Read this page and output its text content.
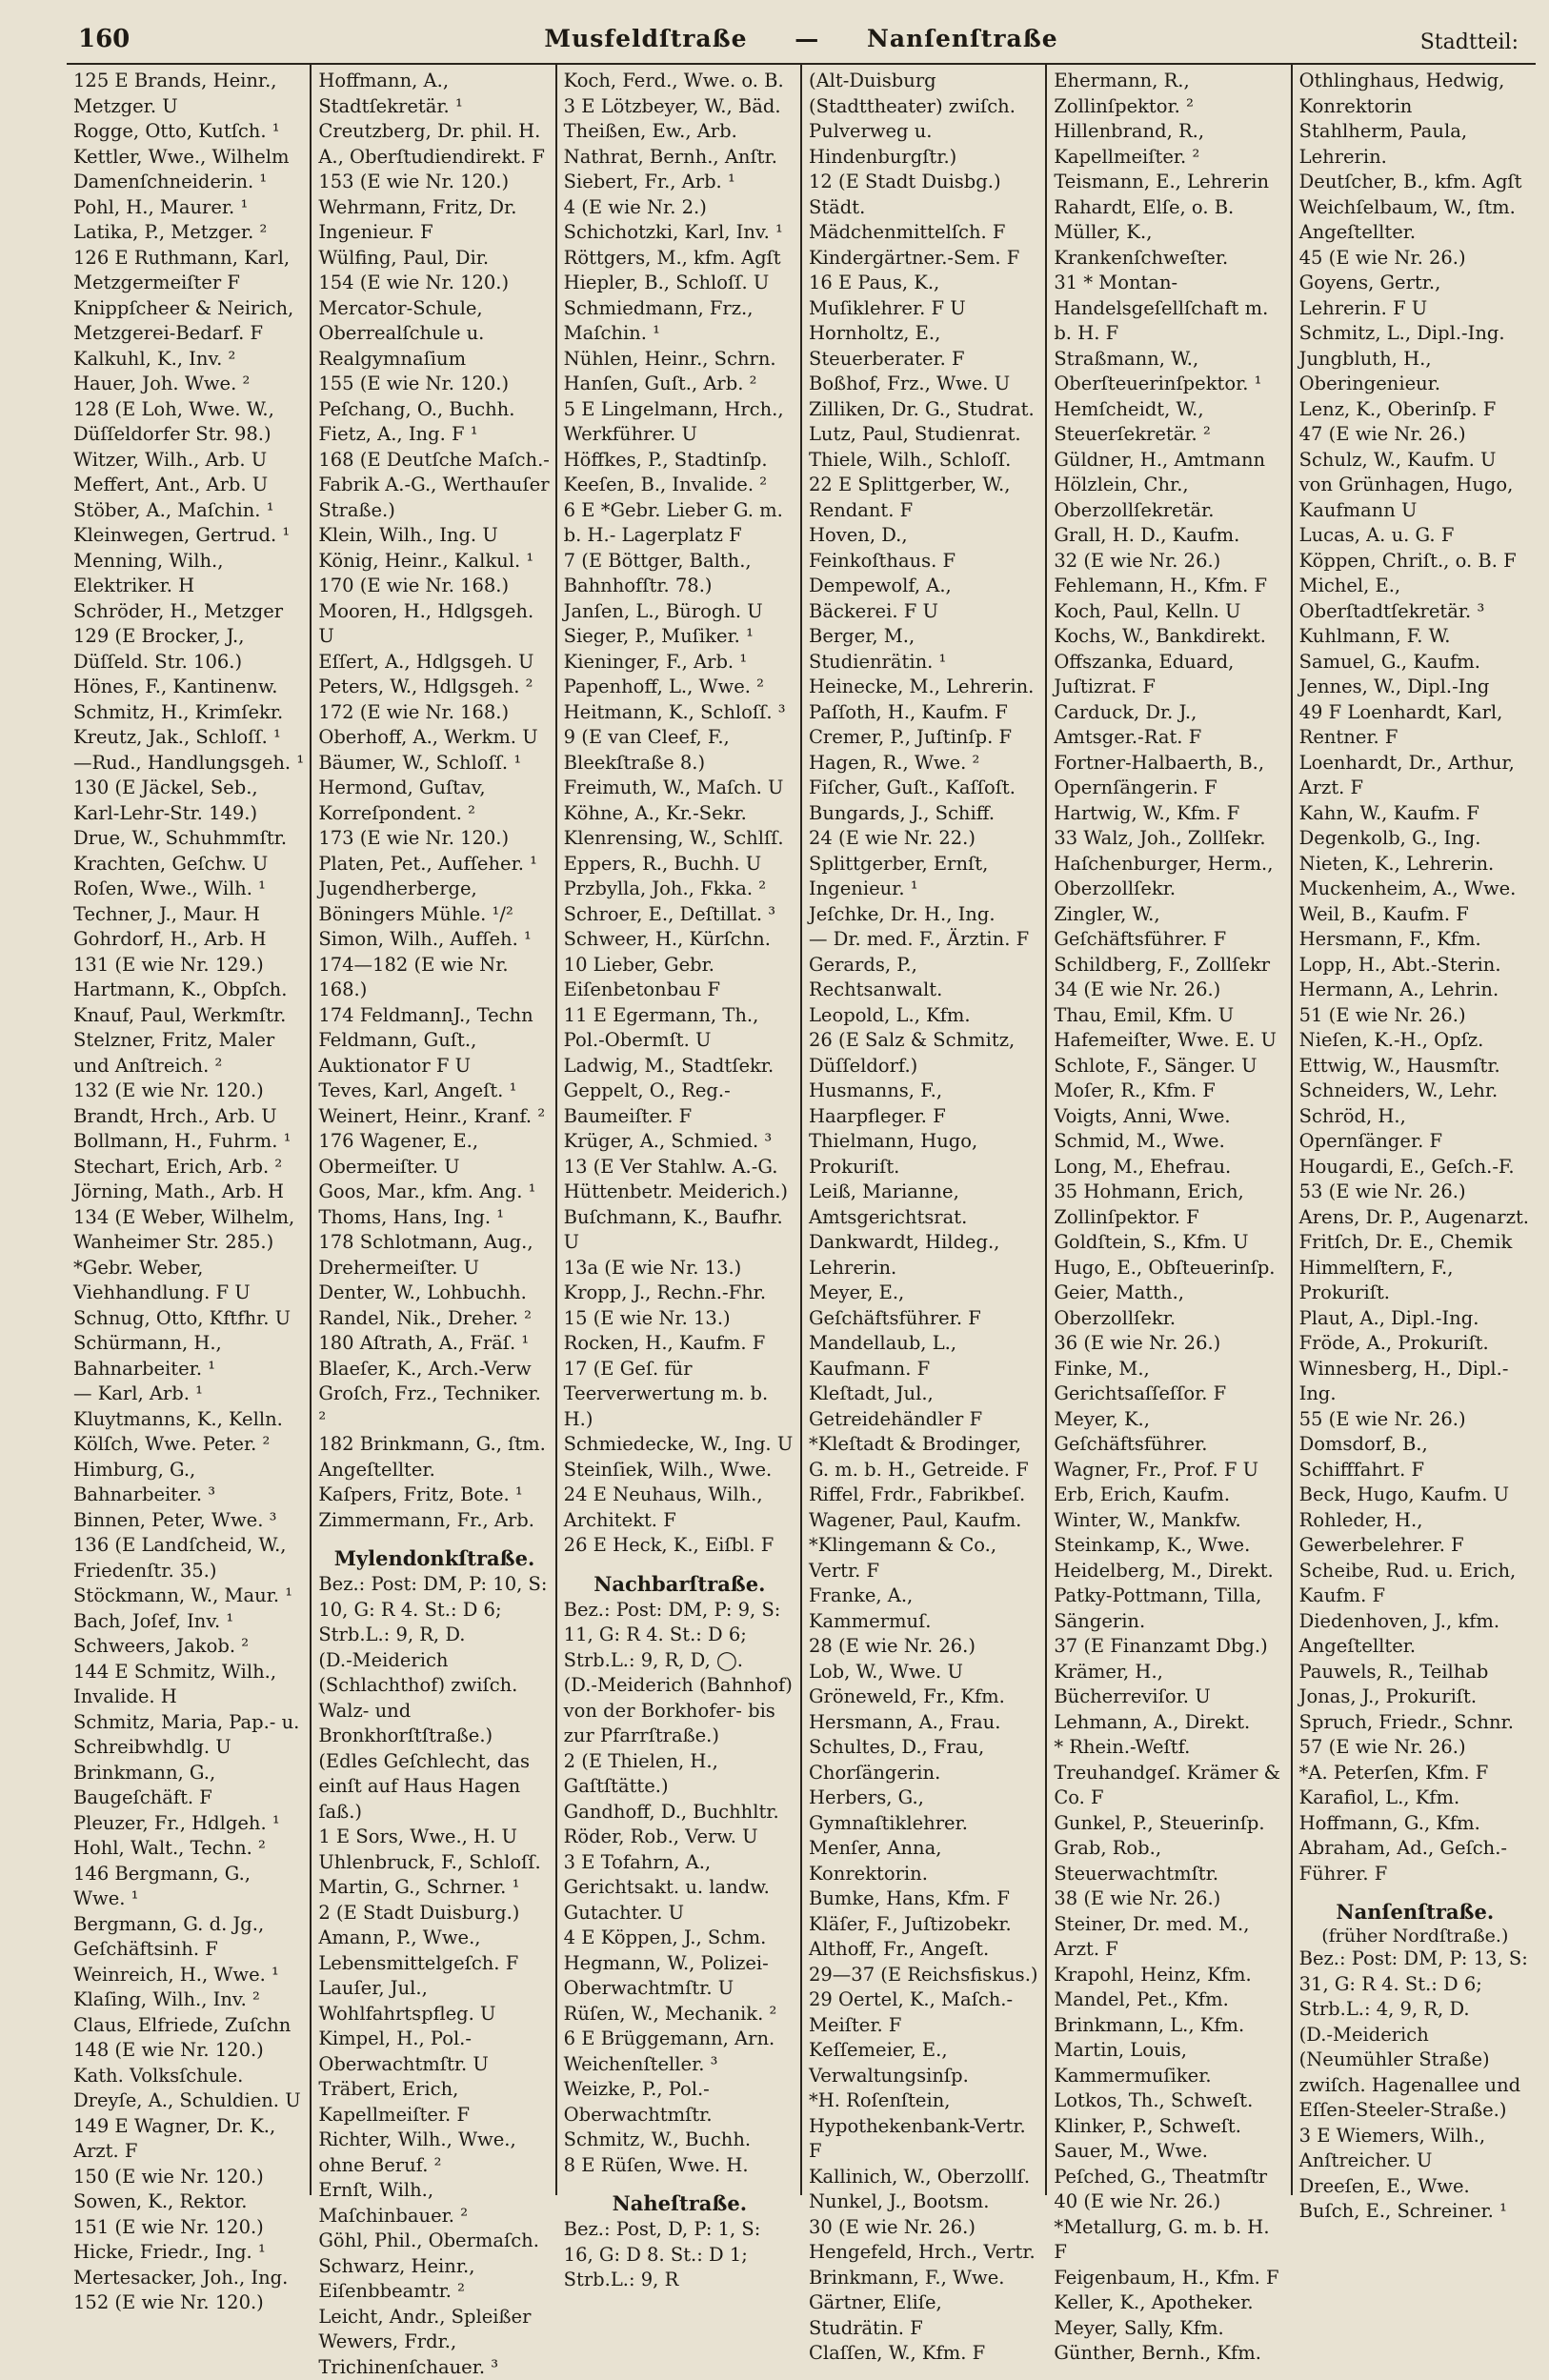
160	Musfeldſtraße — Nanſenſtraße	Stadtteil:
125 E Brands, Heinr., Metzger. U
Rogge, Otto, Kutſch. ¹
Kettler, Wwe., Wilhelm Damenſchneiderin. ¹
Pohl, H., Maurer. ¹
Latika, P., Metzger. ²
126 E Ruthmann, Karl, Metzgermeiſter F
Knippſcheer & Neirich, Metzgerei-Bedarf. F
Kalkuhl, K., Inv. ²
Hauer, Joh. Wwe. ²
128 (E Loh, Wwe. W., Düſſeldorfer Str. 98.)
Witzer, Wilh., Arb. U
Meffert, Ant., Arb. U
Stöber, A., Maſchin. ¹
Kleinwegen, Gertrud. ¹
Menning, Wilh., Elektriker. H
Schröder, H., Metzger
129 (E Brocker, J., Düſſeld. Str. 106.)
Hönes, F., Kantinenw.
Schmitz, H., Krimſekr.
Kreutz, Jak., Schloſſ. ¹
—Rud., Handlungsgeh. ¹
130 (E Jäckel, Seb., Karl-Lehr-Str. 149.)
Drue, W., Schuhmmſtr.
Krachten, Geſchw. U
Roſen, Wwe., Wilh. ¹
Techner, J., Maur. H
Gohrdorf, H., Arb. H
131 (E wie Nr. 129.)
Hartmann, K., Obpſch.
Knauf, Paul, Werkmſtr.
Stelzner, Fritz, Maler und Anſtreich. ²
132 (E wie Nr. 120.)
Brandt, Hrch., Arb. U
Bollmann, H., Fuhrm. ¹
Stechart, Erich, Arb. ²
Jörning, Math., Arb. H
134 (E Weber, Wilhelm, Wanheimer Str. 285.)
*Gebr. Weber, Viehhandlung. F U
Schnug, Otto, Kftfhr. U
Schürmann, H., Bahnarbeiter. ¹
— Karl, Arb. ¹
Kluytmanns, K., Kelln.
Kölſch, Wwe. Peter. ²
Himburg, G., Bahnarbeiter. ³
Binnen, Peter, Wwe. ³
136 (E Landſcheid, W., Friedenſtr. 35.)
Stöckmann, W., Maur. ¹
Bach, Joſef, Inv. ¹
Schweers, Jakob. ²
144 E Schmitz, Wilh., Invalide. H
Schmitz, Maria, Pap.- u. Schreibwhdlg. U
Brinkmann, G., Baugeſchäft. F
Pleuzer, Fr., Hdlgeh. ¹
Hohl, Walt., Techn. ²
146 Bergmann, G., Wwe. ¹
Bergmann, G. d. Jg., Geſchäftsinh. F
Weinreich, H., Wwe. ¹
Klaſing, Wilh., Inv. ²
Claus, Elfriede, Zuſchn
148 (E wie Nr. 120.)
Kath. Volksſchule.
Dreyſe, A., Schuldien. U
149 E Wagner, Dr. K., Arzt. F
150 (E wie Nr. 120.)
Sowen, K., Rektor.
151 (E wie Nr. 120.)
Hicke, Friedr., Ing. ¹
Mertesacker, Joh., Ing.
152 (E wie Nr. 120.)
Hoffmann, A., Stadtſekretär. ¹
Creutzberg, Dr. phil. H. A., Oberſtudiendirekt. F
153 (E wie Nr. 120.)
Wehrmann, Fritz, Dr. Ingenieur. F
Wülfing, Paul, Dir.
154 (E wie Nr. 120.)
Mercator-Schule, Oberrealſchule u. Realgymnaſium
155 (E wie Nr. 120.)
Peſchang, O., Buchh.
Fietz, A., Ing. F ¹
168 (E Deutſche Maſch.-Fabrik A.-G., Werthauſer Straße.)
Klein, Wilh., Ing. U
König, Heinr., Kalkul. ¹
170 (E wie Nr. 168.)
Mooren, H., Hdlgsgeh. U
Eſſert, A., Hdlgsgeh. U
Peters, W., Hdlgsgeh. ²
172 (E wie Nr. 168.)
Oberhoff, A., Werkm. U
Bäumer, W., Schloſſ. ¹
Hermond, Guſtav, Korreſpondent. ²
173 (E wie Nr. 120.)
Platen, Pet., Aufſeher. ¹
Jugendherberge, Böningers Mühle. ¹/²
Simon, Wilh., Aufſeh. ¹
174—182 (E wie Nr. 168.)
174 FeldmannJ., Techn
Feldmann, Guſt., Auktionator F U
Teves, Karl, Angeſt. ¹
Weinert, Heinr., Kranf. ²
176 Wagener, E., Obermeiſter. U
Goos, Mar., kfm. Ang. ¹
Thoms, Hans, Ing. ¹
178 Schlotmann, Aug., Drehermeiſter. U
Denter, W., Lohbuchh.
Randel, Nik., Dreher. ²
180 Aſtrath, A., Fräſ. ¹
Blaeſer, K., Arch.-Verw
Groſch, Frz., Techniker. ²
182 Brinkmann, G., ſtm. Angeſtellter.
Kaſpers, Fritz, Bote. ¹
Zimmermann, Fr., Arb.
Mylendonkſtraße.
Bez.: Post: DM, P: 10, S: 10, G: R 4. St.: D 6; Strb.L.: 9, R, D.
(D.-Meiderich (Schlachthof) zwiſch. Walz- und Bronkhorſtſtraße.)
(Edles Geſchlecht, das einſt auf Haus Hagen ſaß.)
1 E Sors, Wwe., H. U
Uhlenbruck, F., Schloſſ.
Martin, G., Schrner. ¹
2 (E Stadt Duisburg.)
Amann, P., Wwe., Lebensmittelgeſch. F
Lauſer, Jul., Wohlfahrtspfleg. U
Kimpel, H., Pol.-Oberwachtmſtr. U
Träbert, Erich, Kapellmeiſter. F
Richter, Wilh., Wwe., ohne Beruf. ²
Ernſt, Wilh., Maſchinbauer. ²
Göhl, Phil., Obermaſch.
Schwarz, Heinr., Eiſenbbeamtr. ²
Leicht, Andr., Spleißer
Wewers, Frdr., Trichinenſchauer. ³
Koch, Ferd., Wwe. o. B.
3 E Lötzbeyer, W., Bäd.
Theißen, Ew., Arb.
Nathrat, Bernh., Anſtr.
Siebert, Fr., Arb. ¹
4 (E wie Nr. 2.)
Schichotzki, Karl, Inv. ¹
Röttgers, M., kfm. Agſt
Hiepler, B., Schloſſ. U
Schmiedmann, Frz., Maſchin. ¹
Nühlen, Heinr., Schrn.
Hanſen, Guſt., Arb. ²
5 E Lingelmann, Hrch., Werkführer. U
Höffkes, P., Stadtinſp.
Keeſen, B., Invalide. ²
6 E *Gebr. Lieber G. m. b. H.- Lagerplatz F
7 (E Böttger, Balth., Bahnhofſtr. 78.)
Janſen, L., Bürogh. U
Sieger, P., Muſiker. ¹
Kieninger, F., Arb. ¹
Papenhoff, L., Wwe. ²
Heitmann, K., Schloſſ. ³
9 (E van Cleef, F., Bleekſtraße 8.)
Freimuth, W., Maſch. U
Köhne, A., Kr.-Sekr.
Klenrensing, W., Schlſſ.
Eppers, R., Buchh. U
Przbylla, Joh., Fkka. ²
Schroer, E., Deſtillat. ³
Schweer, H., Kürſchn.
10 Lieber, Gebr. Eiſenbetonbau F
11 E Egermann, Th., Pol.-Obermſt. U
Ladwig, M., Stadtſekr.
Geppelt, O., Reg.-Baumeiſter. F
Krüger, A., Schmied. ³
13 (E Ver Stahlw. A.-G. Hüttenbetr. Meiderich.)
Buſchmann, K., Baufhr. U
13a (E wie Nr. 13.)
Kropp, J., Rechn.-Fhr.
15 (E wie Nr. 13.)
Rocken, H., Kaufm. F
17 (E Geſ. für Teerverwertung m. b. H.)
Schmiedecke, W., Ing. U
Steinſiek, Wilh., Wwe.
24 E Neuhaus, Wilh., Architekt. F
26 E Heck, K., Eiſbl. F
Nachbarſtraße.
Bez.: Post: DM, P: 9, S: 11, G: R 4. St.: D 6; Strb.L.: 9, R, D, ◯.
(D.-Meiderich (Bahnhof) von der Borkhofer- bis zur Pfarrſtraße.)
2 (E Thielen, H., Gaſtſtätte.)
Gandhoff, D., Buchhltr.
Röder, Rob., Verw. U
3 E Tofahrn, A., Gerichtsakt. u. landw. Gutachter. U
4 E Köppen, J., Schm.
Hegmann, W., Polizei-Oberwachtmſtr. U
Rüſen, W., Mechanik. ²
6 E Brüggemann, Arn. Weichenſteller. ³
Weizke, P., Pol.-Oberwachtmſtr.
Schmitz, W., Buchh.
8 E Rüſen, Wwe. H.
Naheſtraße.
Bez.: Post, D, P: 1, S: 16, G: D 8. St.: D 1; Strb.L.: 9, R
(Alt-Duisburg (Stadttheater) zwiſch. Pulverweg u. Hindenburgſtr.)
12 (E Stadt Duisbg.)
Städt. Mädchenmittelſch. F
Kindergärtner.-Sem. F
16 E Paus, K., Muſiklehrer. F U
Hornholtz, E., Steuerberater. F
Boßhof, Frz., Wwe. U
Zilliken, Dr. G., Studrat.
Lutz, Paul, Studienrat.
Thiele, Wilh., Schloſſ.
22 E Splittgerber, W., Rendant. F
Hoven, D., Feinkoſthaus. F
Dempewolf, A., Bäckerei. F U
Berger, M., Studienrätin. ¹
Heinecke, M., Lehrerin.
Paſſoth, H., Kaufm. F
Cremer, P., Juſtinſp. F
Hagen, R., Wwe. ²
Fiſcher, Guſt., Kaſſoſt.
Bungards, J., Schiff.
24 (E wie Nr. 22.)
Splittgerber, Ernſt, Ingenieur. ¹
Jeſchke, Dr. H., Ing.
— Dr. med. F., Ärztin. F
Gerards, P., Rechtsanwalt.
Leopold, L., Kfm.
26 (E Salz & Schmitz, Düſſeldorf.)
Husmanns, F., Haarpfleger. F
Thielmann, Hugo, Prokuriſt.
Leiß, Marianne, Amtsgerichtsrat.
Dankwardt, Hildeg., Lehrerin.
Meyer, E., Geſchäftsführer. F
Mandellaub, L., Kaufmann. F
Kleſtadt, Jul., Getreidehändler F
*Kleſtadt & Brodinger, G. m. b. H., Getreide. F
Riffel, Frdr., Fabrikbeſ.
Wagener, Paul, Kaufm.
*Klingemann & Co., Vertr. F
Franke, A., Kammermuſ.
28 (E wie Nr. 26.)
Lob, W., Wwe. U
Gröneweld, Fr., Kfm.
Hersmann, A., Frau.
Schultes, D., Frau, Chorſängerin.
Herbers, G., Gymnaſtiklehrer.
Menſer, Anna, Konrektorin.
Bumke, Hans, Kfm. F
Kläſer, F., Juſtizobekr.
Althoff, Fr., Angeſt.
29—37 (E Reichsfiskus.)
29 Oertel, K., Maſch.-Meiſter. F
Keſſemeier, E., Verwaltungsinſp.
*H. Roſenſtein, Hypothekenbank-Vertr. F
Kallinich, W., Oberzollſ.
Nunkel, J., Bootsm.
30 (E wie Nr. 26.)
Hengefeld, Hrch., Vertr.
Brinkmann, F., Wwe.
Gärtner, Eliſe, Studrätin. F
Claſſen, W., Kfm. F
Ehermann, R., Zollinſpektor. ²
Hillenbrand, R., Kapellmeiſter. ²
Teismann, E., Lehrerin
Rahardt, Elſe, o. B.
Müller, K., Krankenſchweſter.
31 * Montan-Handelsgeſellſchaft m. b. H. F
Straßmann, W., Oberſteuerinſpektor. ¹
Hemſcheidt, W., Steuerſekretär. ²
Güldner, H., Amtmann
Hölzlein, Chr., Oberzollſekretär.
Grall, H. D., Kaufm.
32 (E wie Nr. 26.)
Fehlemann, H., Kfm. F
Koch, Paul, Kelln. U
Kochs, W., Bankdirekt.
Offszanka, Eduard, Juſtizrat. F
Carduck, Dr. J., Amtsger.-Rat. F
Fortner-Halbaerth, B., Opernſängerin. F
Hartwig, W., Kfm. F
33 Walz, Joh., Zollſekr.
Haſchenburger, Herm., Oberzollſekr.
Zingler, W., Geſchäftsführer. F
Schildberg, F., Zollſekr
34 (E wie Nr. 26.)
Thau, Emil, Kfm. U
Hafemeiſter, Wwe. E. U
Schlote, F., Sänger. U
Moſer, R., Kfm. F
Voigts, Anni, Wwe.
Schmid, M., Wwe.
Long, M., Ehefrau.
35 Hohmann, Erich, Zollinſpektor. F
Goldſtein, S., Kfm. U
Hugo, E., Obſteuerinſp.
Geier, Matth., Oberzollſekr.
36 (E wie Nr. 26.)
Finke, M., Gerichtsaſſeſſor. F
Meyer, K., Geſchäftsführer.
Wagner, Fr., Prof. F U
Erb, Erich, Kaufm.
Winter, W., Mankfw.
Steinkamp, K., Wwe.
Heidelberg, M., Direkt.
Patky-Pottmann, Tilla, Sängerin.
37 (E Finanzamt Dbg.)
Krämer, H., Bücherreviſor. U
Lehmann, A., Direkt.
* Rhein.-Weſtf. Treuhandgeſ. Krämer & Co. F
Gunkel, P., Steuerinſp.
Grab, Rob., Steuerwachtmſtr.
38 (E wie Nr. 26.)
Steiner, Dr. med. M., Arzt. F
Krapohl, Heinz, Kfm.
Mandel, Pet., Kfm.
Brinkmann, L., Kfm.
Martin, Louis, Kammermuſiker.
Lotkos, Th., Schweſt.
Klinker, P., Schweſt.
Sauer, M., Wwe.
Peſched, G., Theatmſtr
40 (E wie Nr. 26.)
*Metallurg, G. m. b. H. F
Feigenbaum, H., Kfm. F
Keller, K., Apotheker.
Meyer, Sally, Kfm.
Günther, Bernh., Kfm.
Othlinghaus, Hedwig, Konrektorin
Stahlherm, Paula, Lehrerin.
Deutſcher, B., kfm. Agſt
Weichſelbaum, W., ſtm. Angeſtellter.
45 (E wie Nr. 26.)
Goyens, Gertr., Lehrerin. F U
Schmitz, L., Dipl.-Ing.
Jungbluth, H., Oberingenieur.
Lenz, K., Oberinſp. F
47 (E wie Nr. 26.)
Schulz, W., Kaufm. U
von Grünhagen, Hugo, Kaufmann U
Lucas, A. u. G. F
Köppen, Chriſt., o. B. F
Michel, E., Oberſtadtſekretär. ³
Kuhlmann, F. W.
Samuel, G., Kaufm.
Jennes, W., Dipl.-Ing
49 F Loenhardt, Karl, Rentner. F
Loenhardt, Dr., Arthur, Arzt. F
Kahn, W., Kaufm. F
Degenkolb, G., Ing.
Nieten, K., Lehrerin.
Muckenheim, A., Wwe.
Weil, B., Kaufm. F
Hersmann, F., Kfm.
Lopp, H., Abt.-Sterin.
Hermann, A., Lehrin.
51 (E wie Nr. 26.)
Nieſen, K.-H., Opſz.
Ettwig, W., Hausmſtr.
Schneiders, W., Lehr.
Schröd, H., Opernſänger. F
Hougardi, E., Geſch.-F.
53 (E wie Nr. 26.)
Arens, Dr. P., Augenarzt.
Fritſch, Dr. E., Chemik
Himmelſtern, F., Prokuriſt.
Plaut, A., Dipl.-Ing.
Fröde, A., Prokuriſt.
Winnesberg, H., Dipl.-Ing.
55 (E wie Nr. 26.)
Domsdorf, B., Schifffahrt. F
Beck, Hugo, Kaufm. U
Rohleder, H., Gewerbelehrer. F
Scheibe, Rud. u. Erich, Kaufm. F
Diedenhoven, J., kfm. Angeſtellter.
Pauwels, R., Teilhab
Jonas, J., Prokuriſt.
Spruch, Friedr., Schnr.
57 (E wie Nr. 26.)
*A. Peterſen, Kfm. F
Karafiol, L., Kfm.
Hoffmann, G., Kfm.
Abraham, Ad., Geſch.-Führer. F
Nanſenſtraße.
(früher Nordſtraße.)
Bez.: Post: DM, P: 13, S: 31, G: R 4. St.: D 6; Strb.L.: 4, 9, R, D.
(D.-Meiderich (Neumühler Straße) zwiſch. Hagenallee und Eſſen-Steeler-Straße.)
3 E Wiemers, Wilh., Anſtreicher. U
Dreeſen, E., Wwe.
Buſch, E., Schreiner. ¹
